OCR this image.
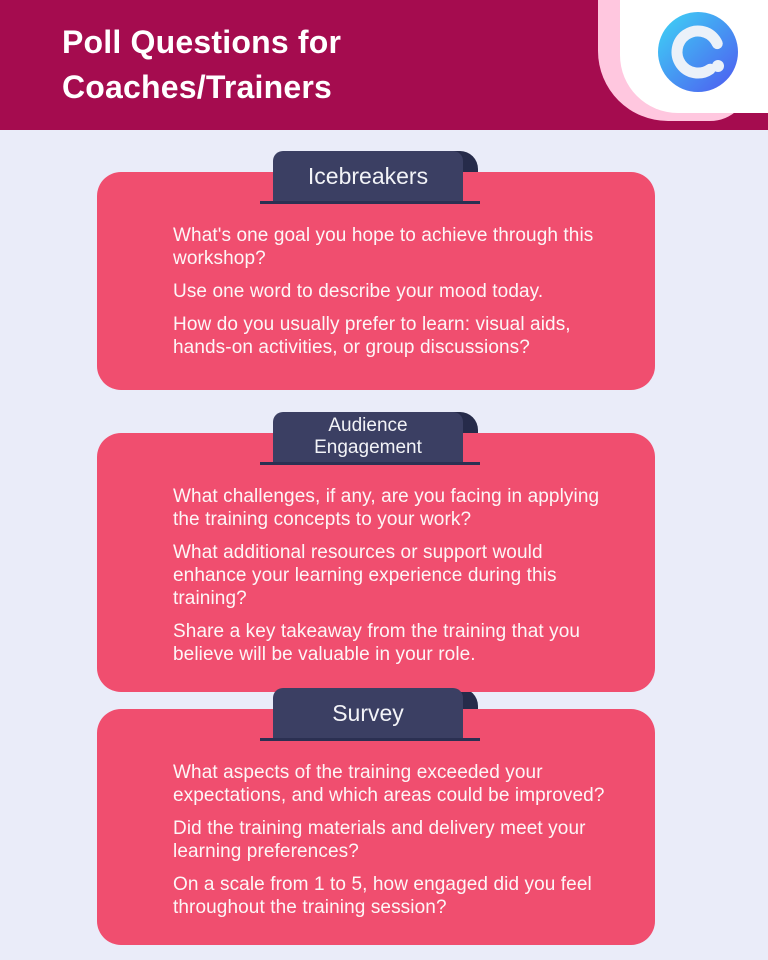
Poll Questions for
Coaches/Trainers
Icebreakers

What's one goal you hope to achieve through this workshop?

Use one word to describe your mood today.

How do you usually prefer to learn: visual aids, hands-on activities, or group discussions?

Audience Engagement

What challenges, if any, are you facing in applying the training concepts to your work?

What additional resources or support would enhance your learning experience during this training?

Share a key takeaway from the training that you believe will be valuable in your role.

Survey

What aspects of the training exceeded your expectations, and which areas could be improved?

Did the training materials and delivery meet your learning preferences?

On a scale from 1 to 5, how engaged did you feel throughout the training session?
